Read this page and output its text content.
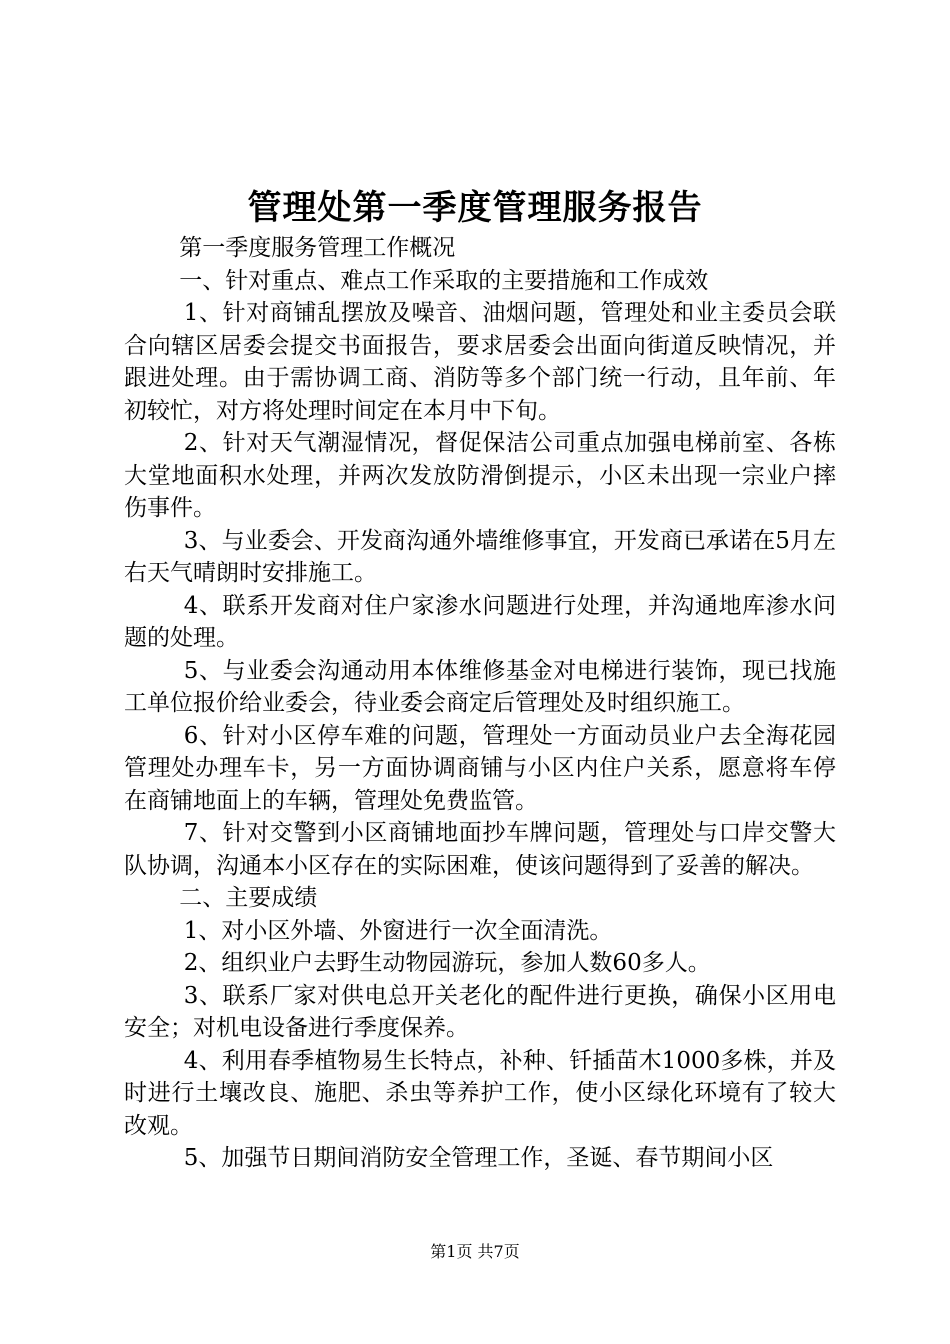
管理处第一季度管理服务报告

第一季度服务管理工作概况

一、针对重点、难点工作采取的主要措施和工作成效

1、针对商铺乱摆放及噪音、油烟问题，管理处和业主委员会联合向辖区居委会提交书面报告，要求居委会出面向街道反映情况，并跟进处理。由于需协调工商、消防等多个部门统一行动，且年前、年初较忙，对方将处理时间定在本月中下旬。

2、针对天气潮湿情况，督促保洁公司重点加强电梯前室、各栋大堂地面积水处理，并两次发放防滑倒提示，小区未出现一宗业户摔伤事件。

3、与业委会、开发商沟通外墙维修事宜，开发商已承诺在5月左右天气晴朗时安排施工。

4、联系开发商对住户家渗水问题进行处理，并沟通地库渗水问题的处理。

5、与业委会沟通动用本体维修基金对电梯进行装饰，现已找施工单位报价给业委会，待业委会商定后管理处及时组织施工。

6、针对小区停车难的问题，管理处一方面动员业户去全海花园管理处办理车卡，另一方面协调商铺与小区内住户关系，愿意将车停在商铺地面上的车辆，管理处免费监管。

7、针对交警到小区商铺地面抄车牌问题，管理处与口岸交警大队协调，沟通本小区存在的实际困难，使该问题得到了妥善的解决。

二、主要成绩

1、对小区外墙、外窗进行一次全面清洗。

2、组织业户去野生动物园游玩，参加人数60多人。

3、联系厂家对供电总开关老化的配件进行更换，确保小区用电安全；对机电设备进行季度保养。

4、利用春季植物易生长特点，补种、钎插苗木1000多株，并及时进行土壤改良、施肥、杀虫等养护工作，使小区绿化环境有了较大改观。

5、加强节日期间消防安全管理工作，圣诞、春节期间小区

第1页 共7页
